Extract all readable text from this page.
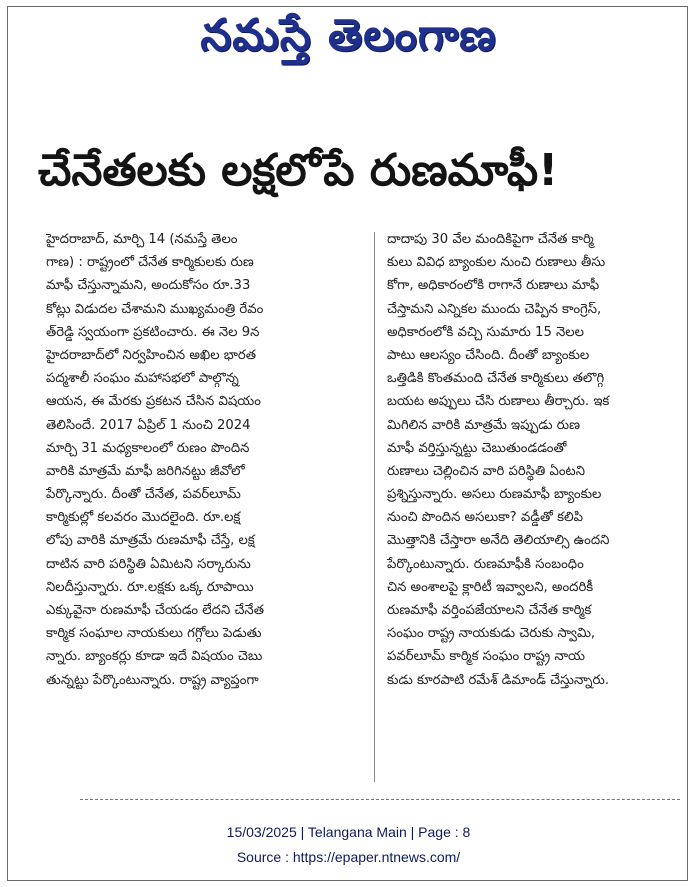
నమస్తే తెలంగాణ
చేనేతలకు లక్షలోపే రుణమాఫీ!
హైదరాబాద్, మార్చి 14 (నమస్తే తెలం
గాణ) : రాష్ట్రంలో చేనేత కార్మికులకు రుణ
మాఫీ చేస్తున్నామని, అందుకోసం రూ.33
కోట్లు విడుదల చేశామని ముఖ్యమంత్రి రేవం
త్‌రెడ్డి స్వయంగా ప్రకటించారు. ఈ నెల 9న
హైదరాబాద్‌లో నిర్వహించిన అఖిల భారత
పద్మశాలీ సంఘం మహాసభలో పాల్గొన్న
ఆయన, ఈ మేరకు ప్రకటన చేసిన విషయం
తెలిసిందే. 2017 ఏప్రిల్ 1 నుంచి 2024
మార్చి 31 మధ్యకాలంలో రుణం పొందిన
వారికి మాత్రమే మాఫీ జరిగినట్టు జీవోలో
పేర్కొన్నారు. దీంతో చేనేత, పవర్‌లూమ్
కార్మికుల్లో కలవరం మొదలైంది. రూ.లక్ష
లోపు వారికి మాత్రమే రుణమాఫీ చేస్తే, లక్ష
దాటిన వారి పరిస్థితి ఏమిటని సర్కారును
నిలదీస్తున్నారు. రూ.లక్షకు ఒక్క రూపాయి
ఎక్కువైనా రుణమాఫీ చేయడం లేదని చేనేత
కార్మిక సంఘాల నాయకులు గగ్గోలు పెడుతు
న్నారు. బ్యాంకర్లు కూడా ఇదే విషయం చెబు
తున్నట్టు పేర్కొంటున్నారు. రాష్ట్ర వ్యాప్తంగా
దాదాపు 30 వేల మందికిపైగా చేనేత కార్మి
కులు వివిధ బ్యాంకుల నుంచి రుణాలు తీసు
కోగా, అధికారంలోకి రాగానే రుణాలు మాఫీ
చేస్తామని ఎన్నికల ముందు చెప్పిన కాంగ్రెస్,
అధికారంలోకి వచ్చి సుమారు 15 నెలల
పాటు ఆలస్యం చేసింది. దీంతో బ్యాంకుల
ఒత్తిడికి కొంతమంది చేనేత కార్మికులు తలొగ్గి
బయట అప్పులు చేసి రుణాలు తీర్చారు. ఇక
మిగిలిన వారికి మాత్రమే ఇప్పుడు రుణ
మాఫీ వర్తిస్తున్నట్టు చెబుతుండడంతో
రుణాలు చెల్లించిన వారి పరిస్థితి ఏంటని
ప్రశ్నిస్తున్నారు. అసలు రుణమాఫీ బ్యాంకుల
నుంచి పొందిన అసలుకా? వడ్డీతో కలిపి
మొత్తానికి చేస్తారా అనేది తెలియాల్సి ఉందని
పేర్కొంటున్నారు. రుణమాఫీకి సంబంధిం
చిన అంశాలపై క్లారిటీ ఇవ్వాలని, అందరికీ
రుణమాఫీ వర్తింపజేయాలని చేనేత కార్మిక
సంఘం రాష్ట్ర నాయకుడు చెరుకు స్వామి,
పవర్‌లూమ్ కార్మిక సంఘం రాష్ట్ర నాయ
కుడు కూరపాటి రమేశ్ డిమాండ్ చేస్తున్నారు.
15/03/2025 | Telangana Main | Page : 8
Source : https://epaper.ntnews.com/
